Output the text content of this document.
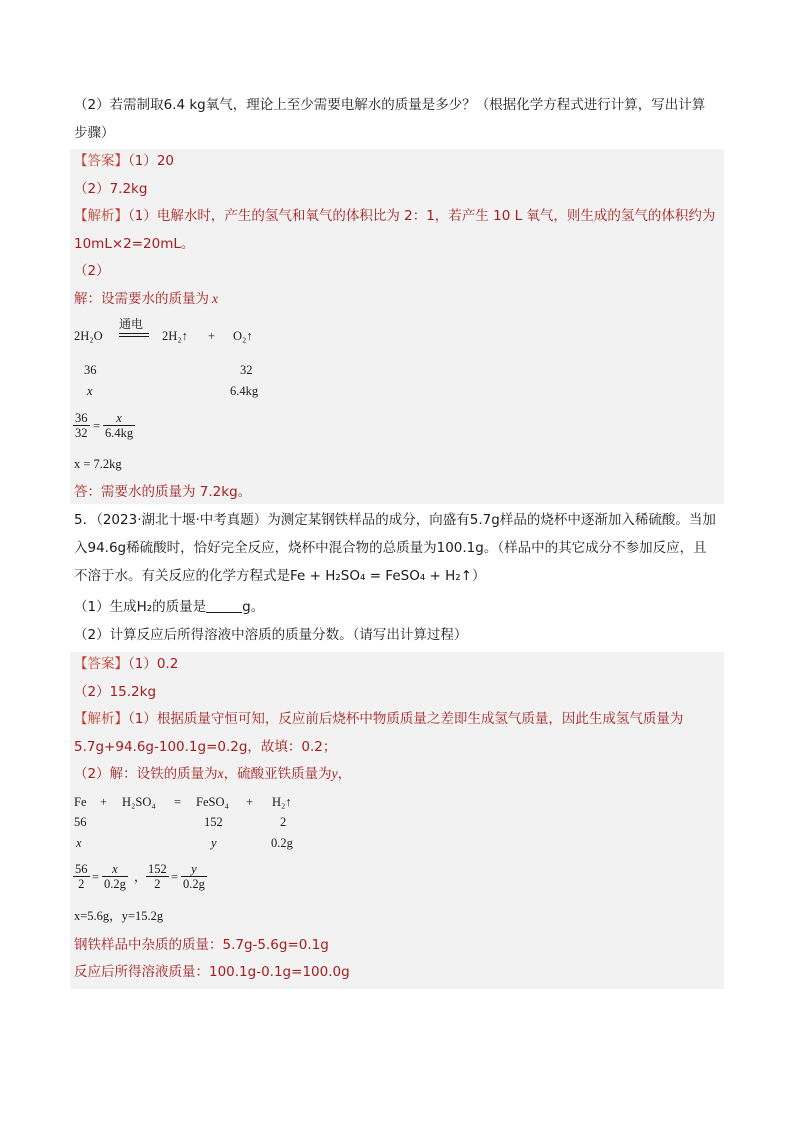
（2）若需制取6.4 kg氧气，理论上至少需要电解水的质量是多少？（根据化学方程式进行计算，写出计算
步骤）
【答案】（1）20
（2）7.2kg
【解析】（1）电解水时，产生的氢气和氧气的体积比为 2：1，若产生 10 L 氧气，则生成的氢气的体积约为
10mL×2=20mL。
（2）
解：设需要水的质量为 x
2H₂O
通电
2H₂↑ + O₂↑
36	32
x	6.4kg
$\frac{36}{32} = \frac{x}{6.4kg}$
x = 7.2kg
答：需要水的质量为 7.2kg。
5．（2023·湖北十堰·中考真题）为测定某钢铁样品的成分，向盛有5.7g样品的烧杯中逐渐加入稀硫酸。当加
入94.6g稀硫酸时，恰好完全反应，烧杯中混合物的总质量为100.1g。（样品中的其它成分不参加反应，且
不溶于水。有关反应的化学方程式是Fe + H₂SO₄ = FeSO₄ + H₂↑）
（1）生成H₂的质量是	g。
（2）计算反应后所得溶液中溶质的质量分数。（请写出计算过程）
【答案】（1）0.2
（2）15.2kg
【解析】（1）根据质量守恒可知，反应前后烧杯中物质质量之差即生成氢气质量，因此生成氢气质量为
5.7g+94.6g-100.1g=0.2g，故填：0.2；
（2）解：设铁的质量为x，硫酸亚铁质量为y，
Fe + H₂SO₄ = FeSO₄ + H₂↑
56	152	2
x	y	0.2g
$\frac{56}{2} = \frac{x}{0.2g}$ ， $\frac{152}{2} = \frac{y}{0.2g}$
x=5.6g，y=15.2g
钢铁样品中杂质的质量：5.7g-5.6g=0.1g
反应后所得溶液质量：100.1g-0.1g=100.0g
